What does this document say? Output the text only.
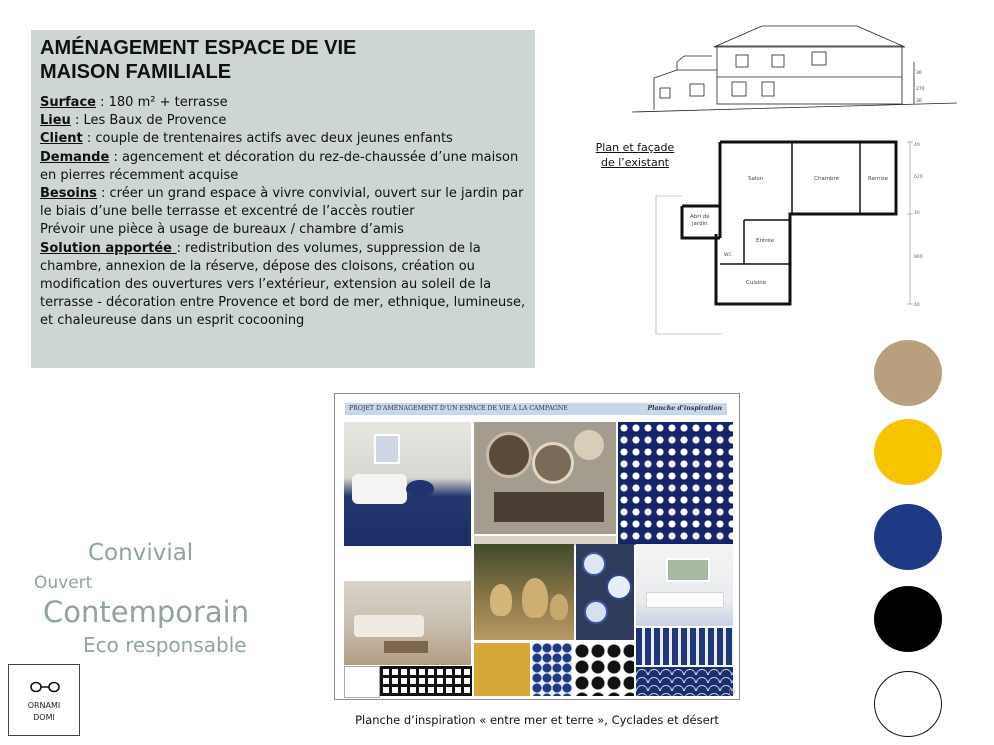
AMÉNAGEMENT ESPACE DE VIE
MAISON FAMILIALE
Surface : 180 m² + terrasse
Lieu : Les Baux de Provence
Client : couple de trentenaires actifs avec deux jeunes enfants
Demande : agencement et décoration du rez-de-chaussée d’une maison en pierres récemment acquise
Besoins : créer un grand espace à vivre convivial, ouvert sur le jardin par le biais d’une belle terrasse et excentré de l’accès routier
Prévoir une pièce à usage de bureaux / chambre d’amis
Solution apportée : redistribution des volumes, suppression de la chambre, annexion de la réserve, dépose des cloisons, création ou modification des ouvertures vers l’extérieur, extension au soleil de la terrasse - décoration entre Provence et bord de mer, ethnique, lumineuse, et chaleureuse dans un esprit cocooning
30
270
30
Plan et façade
de l’existant
Salon	Chambre	Remise
Abri de
jardin
Entrée
WC
Cuisine
40
620
40
860
40
Convivial
Ouvert
Contemporain
Eco responsable
PROJET D’AMÉNAGEMENT D’UN ESPACE DE VIE À LA CAMPAGNE	Planche d’inspiration
10
Planche d’inspiration « entre mer et terre », Cyclades et désert
ORNAMI
DOMI
